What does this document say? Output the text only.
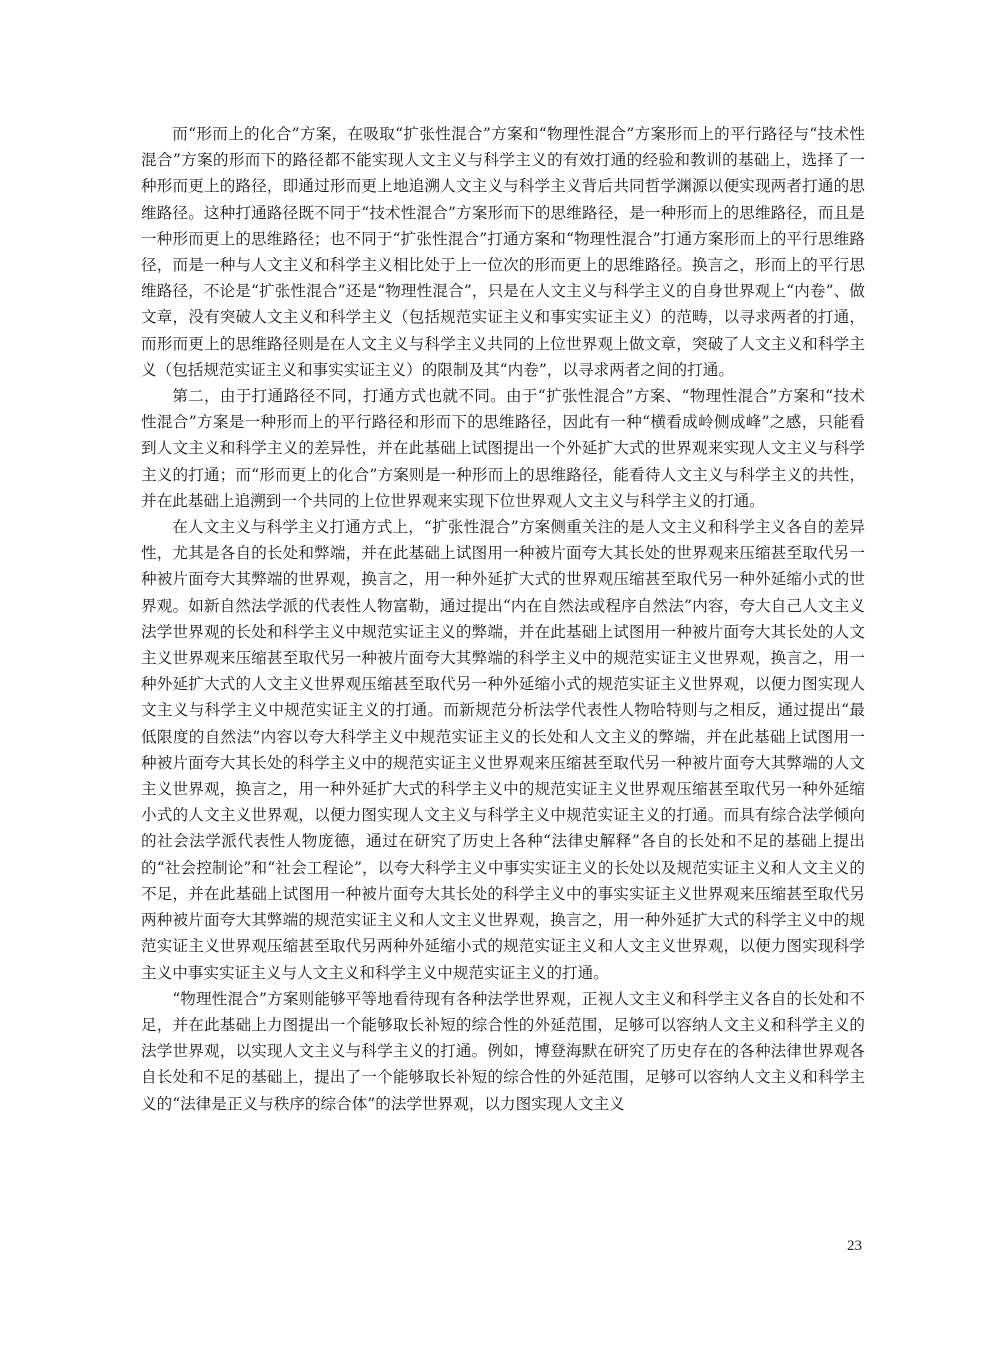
而“形而上的化合”方案，在吸取“扩张性混合”方案和“物理性混合”方案形而上的平行路径与“技术性混合”方案的形而下的路径都不能实现人文主义与科学主义的有效打通的经验和教训的基础上，选择了一种形而更上的路径，即通过形而更上地追溯人文主义与科学主义背后共同哲学渊源以便实现两者打通的思维路径。这种打通路径既不同于“技术性混合”方案形而下的思维路径，是一种形而上的思维路径，而且是一种形而更上的思维路径；也不同于“扩张性混合”打通方案和“物理性混合”打通方案形而上的平行思维路径，而是一种与人文主义和科学主义相比处于上一位次的形而更上的思维路径。换言之，形而上的平行思维路径，不论是“扩张性混合”还是“物理性混合”，只是在人文主义与科学主义的自身世界观上“内卷”、做文章，没有突破人文主义和科学主义（包括规范实证主义和事实实证主义）的范畴，以寻求两者的打通，而形而更上的思维路径则是在人文主义与科学主义共同的上位世界观上做文章，突破了人文主义和科学主义（包括规范实证主义和事实实证主义）的限制及其“内卷”，以寻求两者之间的打通。

第二，由于打通路径不同，打通方式也就不同。由于“扩张性混合”方案、“物理性混合”方案和“技术性混合”方案是一种形而上的平行路径和形而下的思维路径，因此有一种“横看成岭侧成峰”之感，只能看到人文主义和科学主义的差异性，并在此基础上试图提出一个外延扩大式的世界观来实现人文主义与科学主义的打通；而“形而更上的化合”方案则是一种形而上的思维路径，能看待人文主义与科学主义的共性，并在此基础上追溯到一个共同的上位世界观来实现下位世界观人文主义与科学主义的打通。

在人文主义与科学主义打通方式上，“扩张性混合”方案侧重关注的是人文主义和科学主义各自的差异性，尤其是各自的长处和弊端，并在此基础上试图用一种被片面夸大其长处的世界观来压缩甚至取代另一种被片面夸大其弊端的世界观，换言之，用一种外延扩大式的世界观压缩甚至取代另一种外延缩小式的世界观。如新自然法学派的代表性人物富勒，通过提出“内在自然法或程序自然法”内容，夸大自己人文主义法学世界观的长处和科学主义中规范实证主义的弊端，并在此基础上试图用一种被片面夸大其长处的人文主义世界观来压缩甚至取代另一种被片面夸大其弊端的科学主义中的规范实证主义世界观，换言之，用一种外延扩大式的人文主义世界观压缩甚至取代另一种外延缩小式的规范实证主义世界观，以便力图实现人文主义与科学主义中规范实证主义的打通。而新规范分析法学代表性人物哈特则与之相反，通过提出“最低限度的自然法”内容以夸大科学主义中规范实证主义的长处和人文主义的弊端，并在此基础上试图用一种被片面夸大其长处的科学主义中的规范实证主义世界观来压缩甚至取代另一种被片面夸大其弊端的人文主义世界观，换言之，用一种外延扩大式的科学主义中的规范实证主义世界观压缩甚至取代另一种外延缩小式的人文主义世界观，以便力图实现人文主义与科学主义中规范实证主义的打通。而具有综合法学倾向的社会法学派代表性人物庞德，通过在研究了历史上各种“法律史解释”各自的长处和不足的基础上提出的“社会控制论”和“社会工程论”，以夸大科学主义中事实实证主义的长处以及规范实证主义和人文主义的不足，并在此基础上试图用一种被片面夸大其长处的科学主义中的事实实证主义世界观来压缩甚至取代另两种被片面夸大其弊端的规范实证主义和人文主义世界观，换言之，用一种外延扩大式的科学主义中的规范实证主义世界观压缩甚至取代另两种外延缩小式的规范实证主义和人文主义世界观，以便力图实现科学主义中事实实证主义与人文主义和科学主义中规范实证主义的打通。

“物理性混合”方案则能够平等地看待现有各种法学世界观，正视人文主义和科学主义各自的长处和不足，并在此基础上力图提出一个能够取长补短的综合性的外延范围，足够可以容纳人文主义和科学主义的法学世界观，以实现人文主义与科学主义的打通。例如，博登海默在研究了历史存在的各种法律世界观各自长处和不足的基础上，提出了一个能够取长补短的综合性的外延范围，足够可以容纳人文主义和科学主义的“法律是正义与秩序的综合体”的法学世界观，以力图实现人文主义

23
